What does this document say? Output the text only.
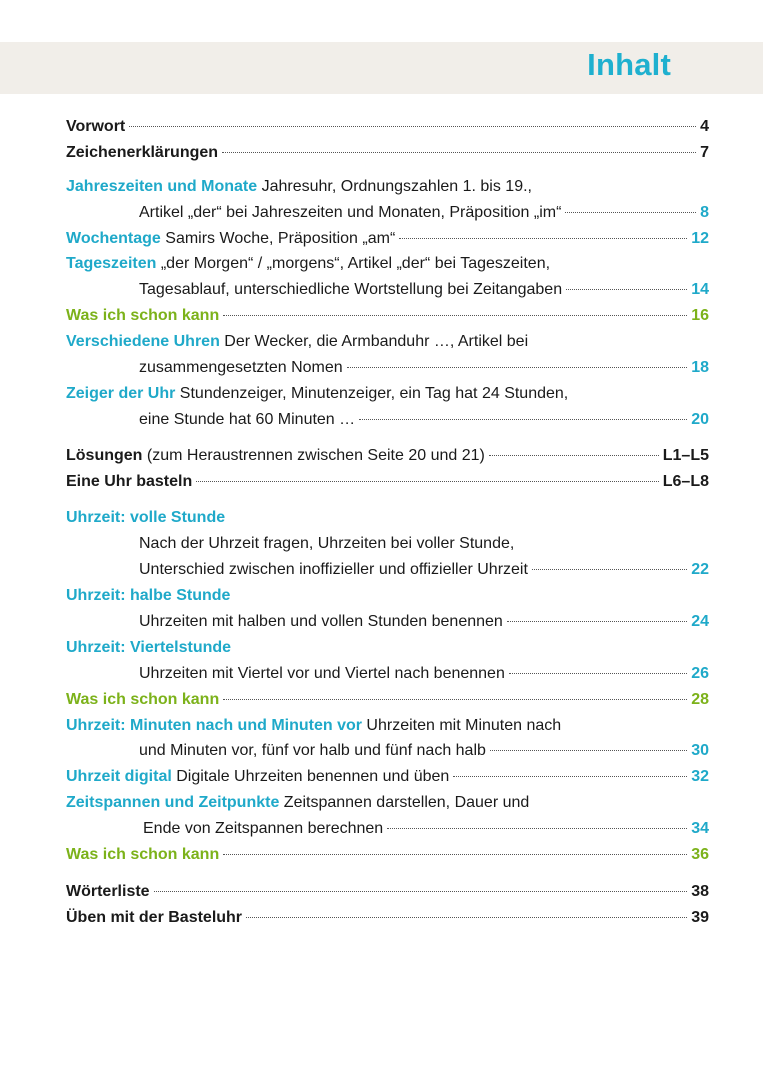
Inhalt
Vorwort	4
Zeichenerklärungen	7
Jahreszeiten und Monate Jahresuhr, Ordnungszahlen 1. bis 19.,
Artikel „der“ bei Jahreszeiten und Monaten, Präposition „im“	8
Wochentage Samirs Woche, Präposition „am“	12
Tageszeiten „der Morgen“ / „morgens“, Artikel „der“ bei Tageszeiten,
Tagesablauf, unterschiedliche Wortstellung bei Zeitangaben	14
Was ich schon kann	16
Verschiedene Uhren Der Wecker, die Armbanduhr …, Artikel bei
zusammengesetzten Nomen	18
Zeiger der Uhr Stundenzeiger, Minutenzeiger, ein Tag hat 24 Stunden,
eine Stunde hat 60 Minuten …	20
Lösungen (zum Heraustrennen zwischen Seite 20 und 21)	L1–L5
Eine Uhr basteln	L6–L8
Uhrzeit: volle Stunde
Nach der Uhrzeit fragen, Uhrzeiten bei voller Stunde,
Unterschied zwischen inoffizieller und offizieller Uhrzeit	22
Uhrzeit: halbe Stunde
Uhrzeiten mit halben und vollen Stunden benennen	24
Uhrzeit: Viertelstunde
Uhrzeiten mit Viertel vor und Viertel nach benennen	26
Was ich schon kann	28
Uhrzeit: Minuten nach und Minuten vor Uhrzeiten mit Minuten nach
und Minuten vor, fünf vor halb und fünf nach halb	30
Uhrzeit digital Digitale Uhrzeiten benennen und üben	32
Zeitspannen und Zeitpunkte Zeitspannen darstellen, Dauer und
Ende von Zeitspannen berechnen	34
Was ich schon kann	36
Wörterliste	38
Üben mit der Basteluhr	39
